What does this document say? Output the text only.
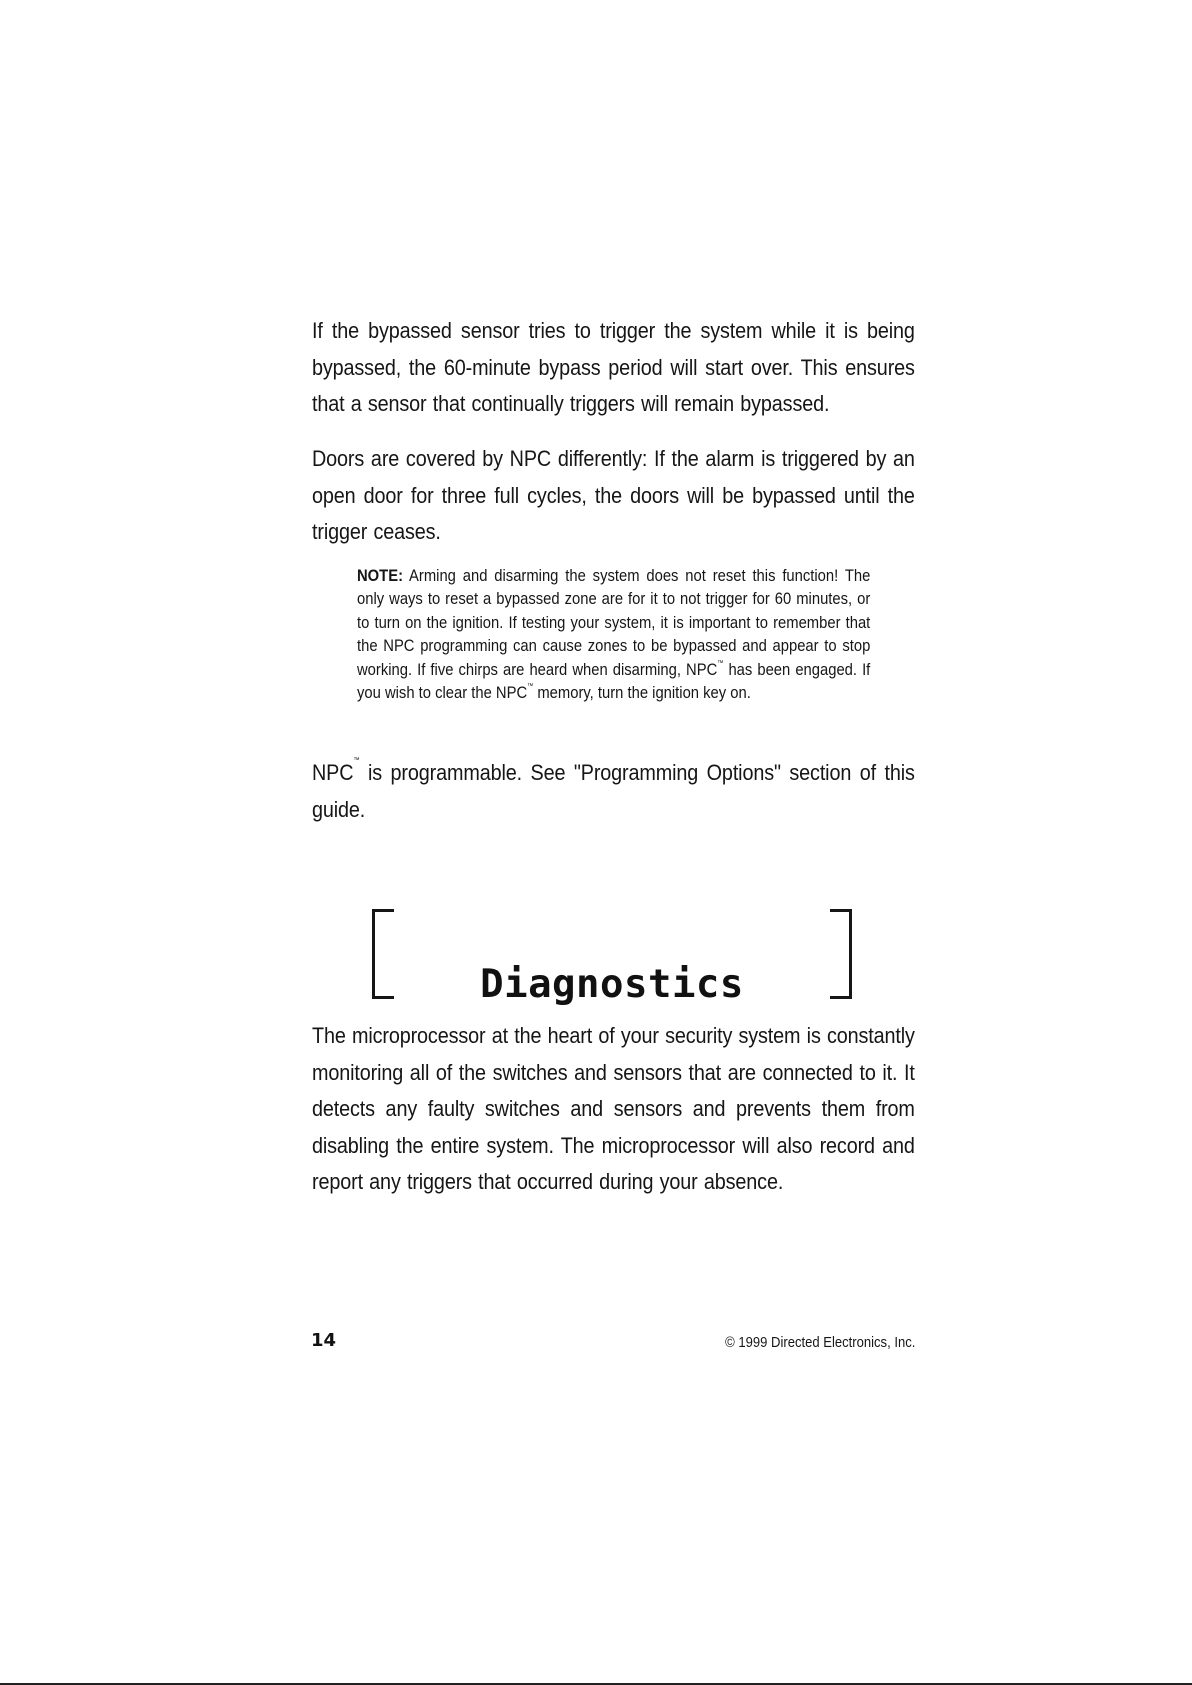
If the bypassed sensor tries to trigger the system while it is being bypassed, the 60-minute bypass period will start over. This ensures that a sensor that continually triggers will remain bypassed.

Doors are covered by NPC differently: If the alarm is triggered by an open door for three full cycles, the doors will be bypassed until the trigger ceases.

NOTE: Arming and disarming the system does not reset this function! The only ways to reset a bypassed zone are for it to not trigger for 60 minutes, or to turn on the ignition. If testing your system, it is important to remember that the NPC programming can cause zones to be bypassed and appear to stop working. If five chirps are heard when disarming, NPC™ has been engaged. If you wish to clear the NPC™ memory, turn the ignition key on.

NPC™ is programmable. See "Programming Options" section of this guide.

Diagnostics

The microprocessor at the heart of your security system is constantly monitoring all of the switches and sensors that are connected to it. It detects any faulty switches and sensors and prevents them from disabling the entire system. The microprocessor will also record and report any triggers that occurred during your absence.

14	© 1999 Directed Electronics, Inc.
